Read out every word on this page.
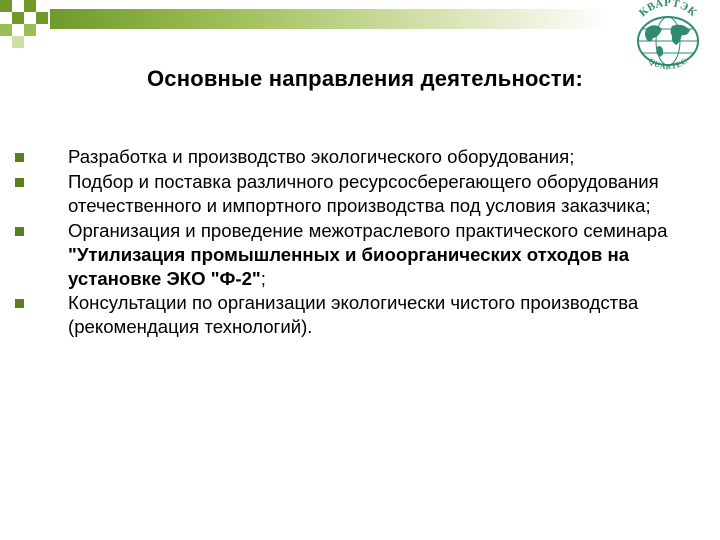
КВАРТЭК
QUARTEC
Основные направления деятельности:
Разработка и производство экологического оборудования;
Подбор и поставка различного ресурсосберегающего оборудования отечественного и импортного производства под условия заказчика;
Организация и проведение межотраслевого практического семинара
"Утилизация промышленных и биоорганических отходов на установке ЭКО "Ф-2";
Консультации по организации экологически чистого производства (рекомендация технологий).
